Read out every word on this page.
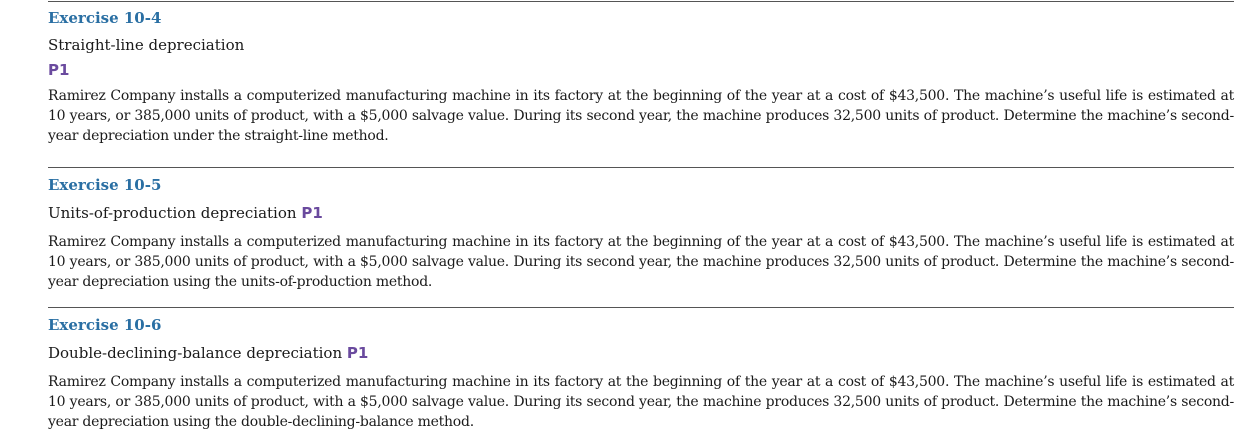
Exercise 10-4

Straight-line depreciation

P1

Ramirez Company installs a computerized manufacturing machine in its factory at the beginning of the year at a cost of $43,500. The machine’s useful life is estimated at 10 years, or 385,000 units of product, with a $5,000 salvage value. During its second year, the machine produces 32,500 units of product. Determine the machine’s second-year depreciation under the straight-line method.

Exercise 10-5

Units-of-production depreciation P1

Ramirez Company installs a computerized manufacturing machine in its factory at the beginning of the year at a cost of $43,500. The machine’s useful life is estimated at 10 years, or 385,000 units of product, with a $5,000 salvage value. During its second year, the machine produces 32,500 units of product. Determine the machine’s second-year depreciation using the units-of-production method.

Exercise 10-6

Double-declining-balance depreciation P1

Ramirez Company installs a computerized manufacturing machine in its factory at the beginning of the year at a cost of $43,500. The machine’s useful life is estimated at 10 years, or 385,000 units of product, with a $5,000 salvage value. During its second year, the machine produces 32,500 units of product. Determine the machine’s second-year depreciation using the double-declining-balance method.
